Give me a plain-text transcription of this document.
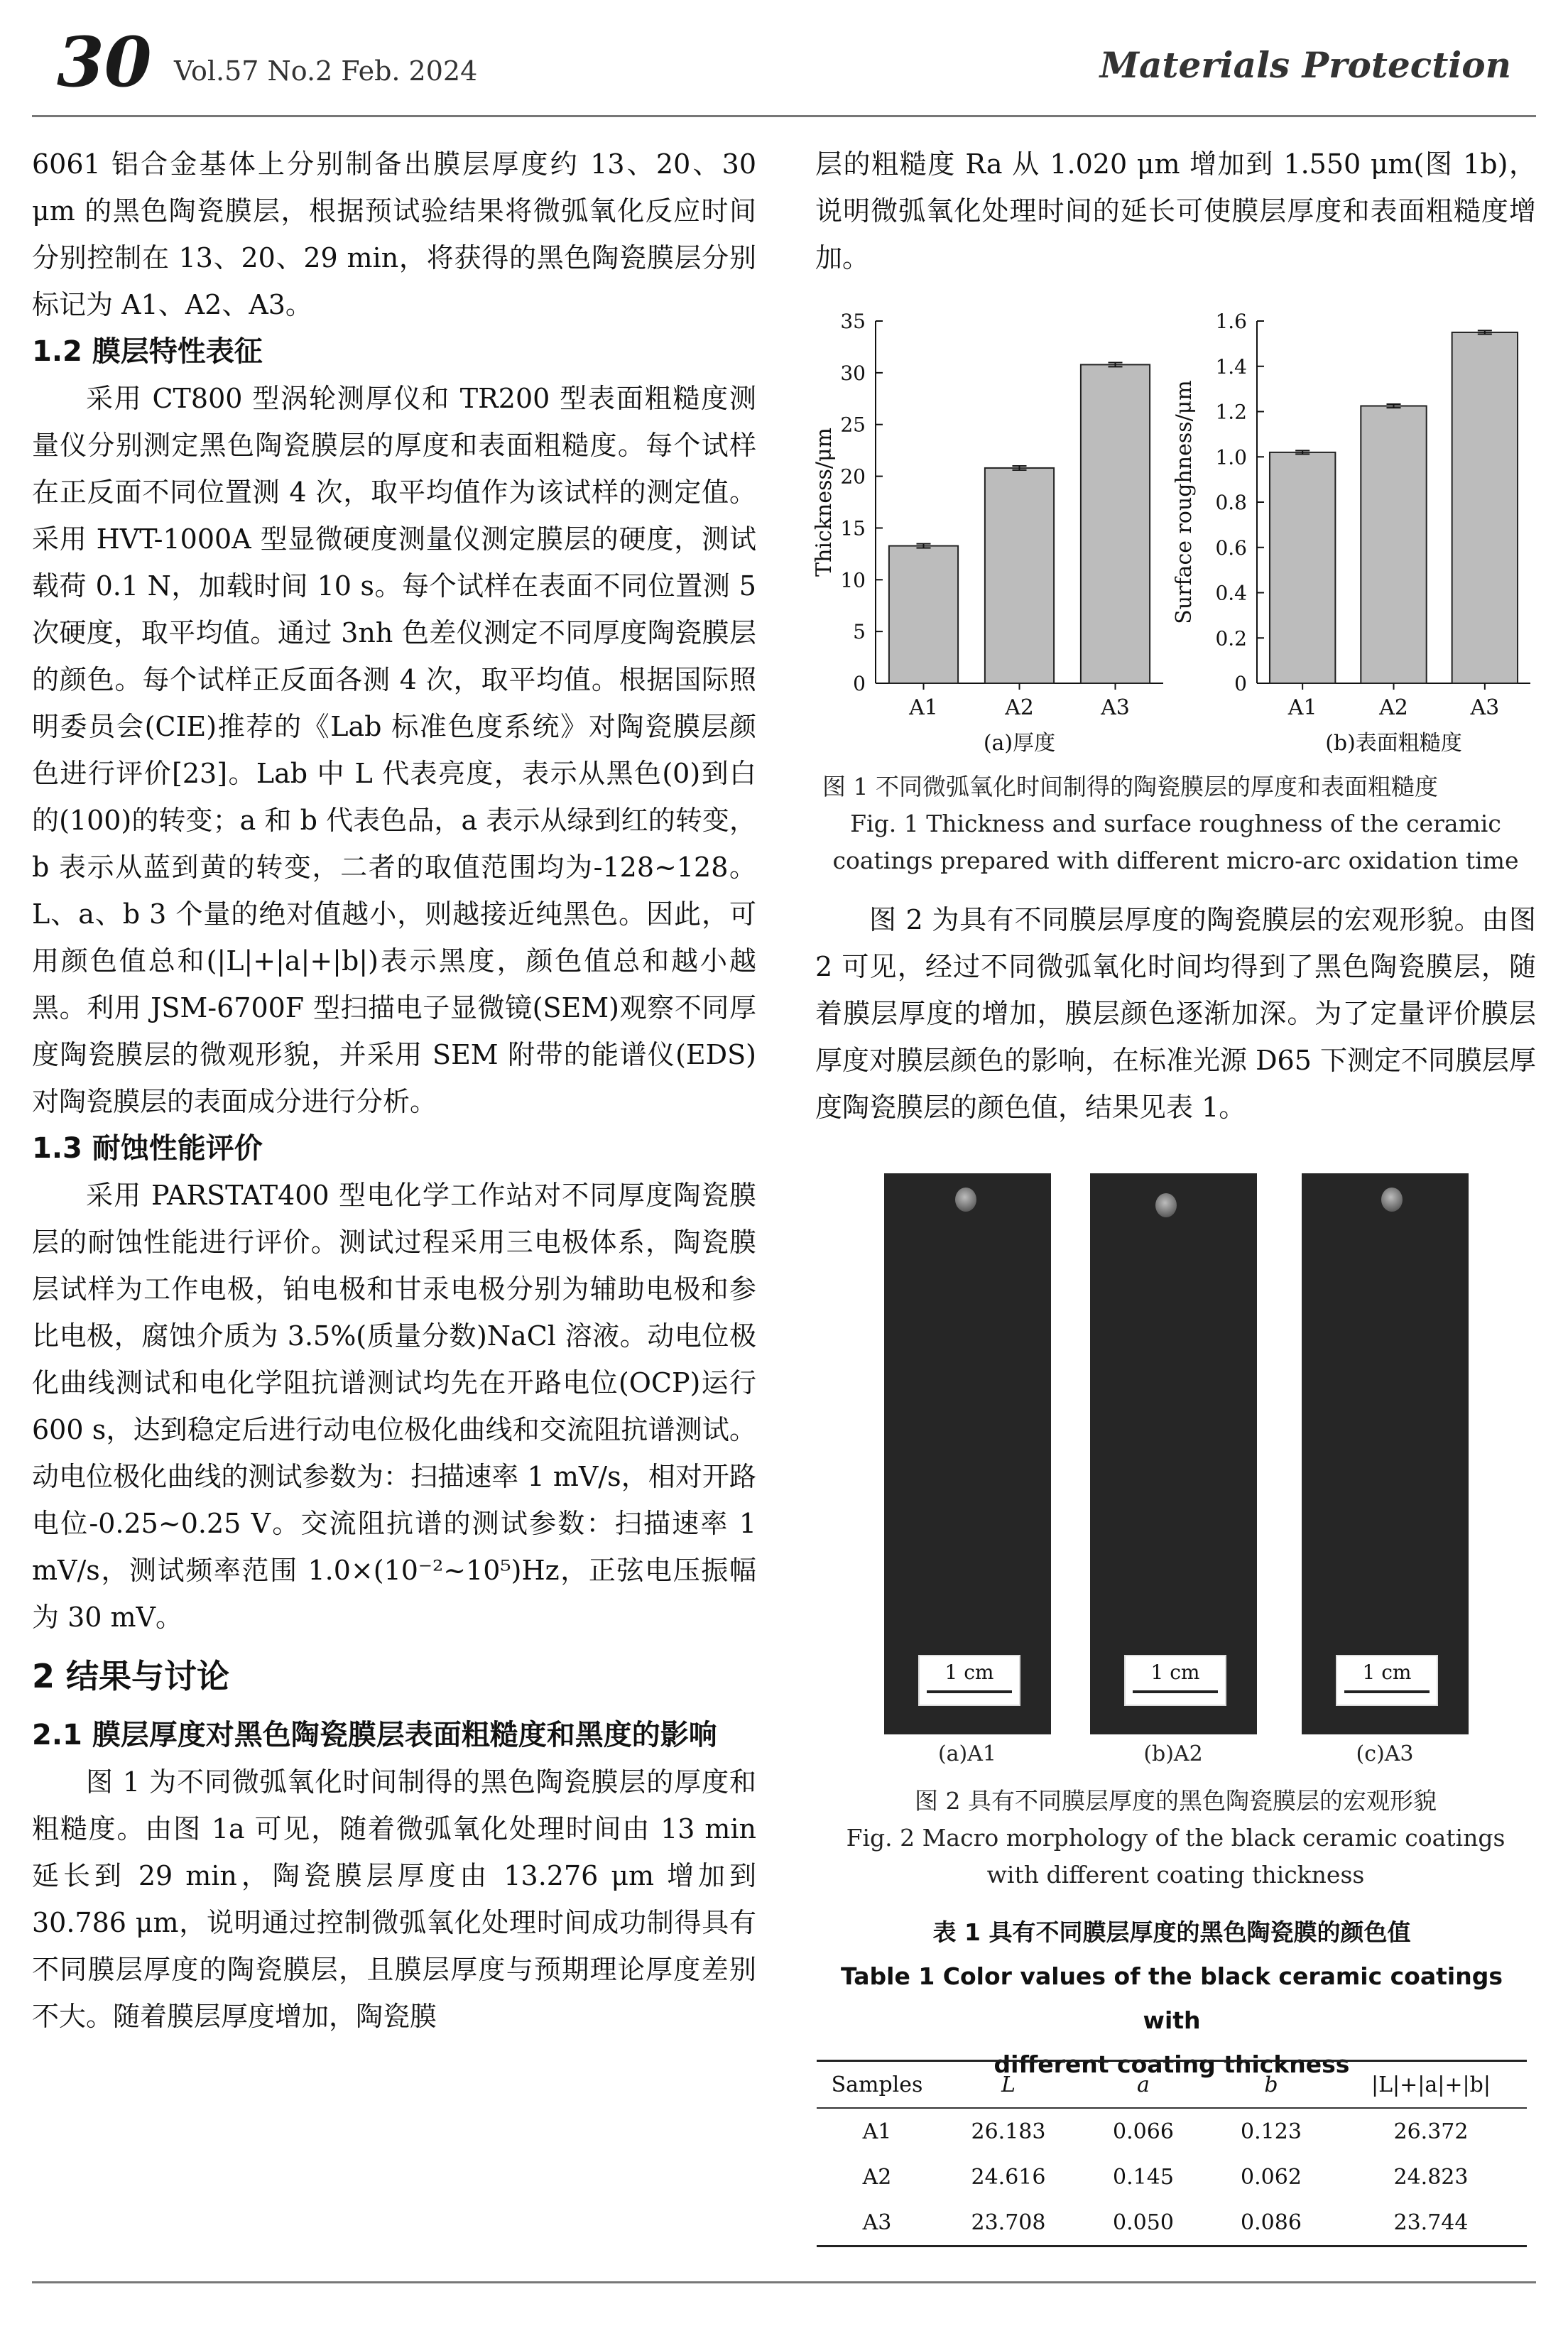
30 Vol.57 No.2 Feb. 2024	Materials Protection

6061 铝合金基体上分别制备出膜层厚度约 13、20、30 μm 的黑色陶瓷膜层，根据预试验结果将微弧氧化反应时间分别控制在 13、20、29 min，将获得的黑色陶瓷膜层分别标记为 A1、A2、A3。

1.2 膜层特性表征

采用 CT800 型涡轮测厚仪和 TR200 型表面粗糙度测量仪分别测定黑色陶瓷膜层的厚度和表面粗糙度。每个试样在正反面不同位置测 4 次，取平均值作为该试样的测定值。采用 HVT-1000A 型显微硬度测量仪测定膜层的硬度，测试载荷 0.1 N，加载时间 10 s。每个试样在表面不同位置测 5 次硬度，取平均值。通过 3nh 色差仪测定不同厚度陶瓷膜层的颜色。每个试样正反面各测 4 次，取平均值。根据国际照明委员会(CIE)推荐的《Lab 标准色度系统》对陶瓷膜层颜色进行评价[23]。Lab 中 L 代表亮度，表示从黑色(0)到白的(100)的转变；a 和 b 代表色品，a 表示从绿到红的转变，b 表示从蓝到黄的转变，二者的取值范围均为-128~128。L、a、b 3 个量的绝对值越小，则越接近纯黑色。因此，可用颜色值总和(|L|+|a|+|b|)表示黑度，颜色值总和越小越黑。利用 JSM-6700F 型扫描电子显微镜(SEM)观察不同厚度陶瓷膜层的微观形貌，并采用 SEM 附带的能谱仪(EDS)对陶瓷膜层的表面成分进行分析。

1.3 耐蚀性能评价

采用 PARSTAT400 型电化学工作站对不同厚度陶瓷膜层的耐蚀性能进行评价。测试过程采用三电极体系，陶瓷膜层试样为工作电极，铂电极和甘汞电极分别为辅助电极和参比电极，腐蚀介质为 3.5%(质量分数)NaCl 溶液。动电位极化曲线测试和电化学阻抗谱测试均先在开路电位(OCP)运行 600 s，达到稳定后进行动电位极化曲线和交流阻抗谱测试。动电位极化曲线的测试参数为：扫描速率 1 mV/s，相对开路电位-0.25~0.25 V。交流阻抗谱的测试参数：扫描速率 1 mV/s，测试频率范围 1.0×(10⁻²~10⁵)Hz，正弦电压振幅为 30 mV。

2 结果与讨论
2.1 膜层厚度对黑色陶瓷膜层表面粗糙度和黑度的影响

图 1 为不同微弧氧化时间制得的黑色陶瓷膜层的厚度和粗糙度。由图 1a 可见，随着微弧氧化处理时间由 13 min 延长到 29 min，陶瓷膜层厚度由 13.276 μm 增加到 30.786 μm，说明通过控制微弧氧化处理时间成功制得具有不同膜层厚度的陶瓷膜层，且膜层厚度与预期理论厚度差别不大。随着膜层厚度增加，陶瓷膜

层的粗糙度 Ra 从 1.020 μm 增加到 1.550 μm(图 1b)，说明微弧氧化处理时间的延长可使膜层厚度和表面粗糙度增加。

0
5
10
15
20
25
30
35
Thickness/μm
A1	A2	A3
(a)厚度
0
0.2
0.4
0.6
0.8
1.0
1.2
1.4
1.6
Surface roughness/μm
A1	A2	A3
(b)表面粗糙度
图 1 不同微弧氧化时间制得的陶瓷膜层的厚度和表面粗糙度
Fig. 1 Thickness and surface roughness of the ceramic
coatings prepared with different micro-arc oxidation time

图 2 为具有不同膜层厚度的陶瓷膜层的宏观形貌。由图 2 可见，经过不同微弧氧化时间均得到了黑色陶瓷膜层，随着膜层厚度的增加，膜层颜色逐渐加深。为了定量评价膜层厚度对膜层颜色的影响，在标准光源 D65 下测定不同膜层厚度陶瓷膜层的颜色值，结果见表 1。

1 cm	1 cm	1 cm
(a)A1	(b)A2	(c)A3
图 2 具有不同膜层厚度的黑色陶瓷膜层的宏观形貌
Fig. 2 Macro morphology of the black ceramic coatings
with different coating thickness
表 1 具有不同膜层厚度的黑色陶瓷膜的颜色值
Table 1 Color values of the black ceramic coatings with
different coating thickness
Samples	L	a	b	|L|+|a|+|b|
A1	26.183	0.066	0.123	26.372
A2	24.616	0.145	0.062	24.823
A3	23.708	0.050	0.086	23.744
